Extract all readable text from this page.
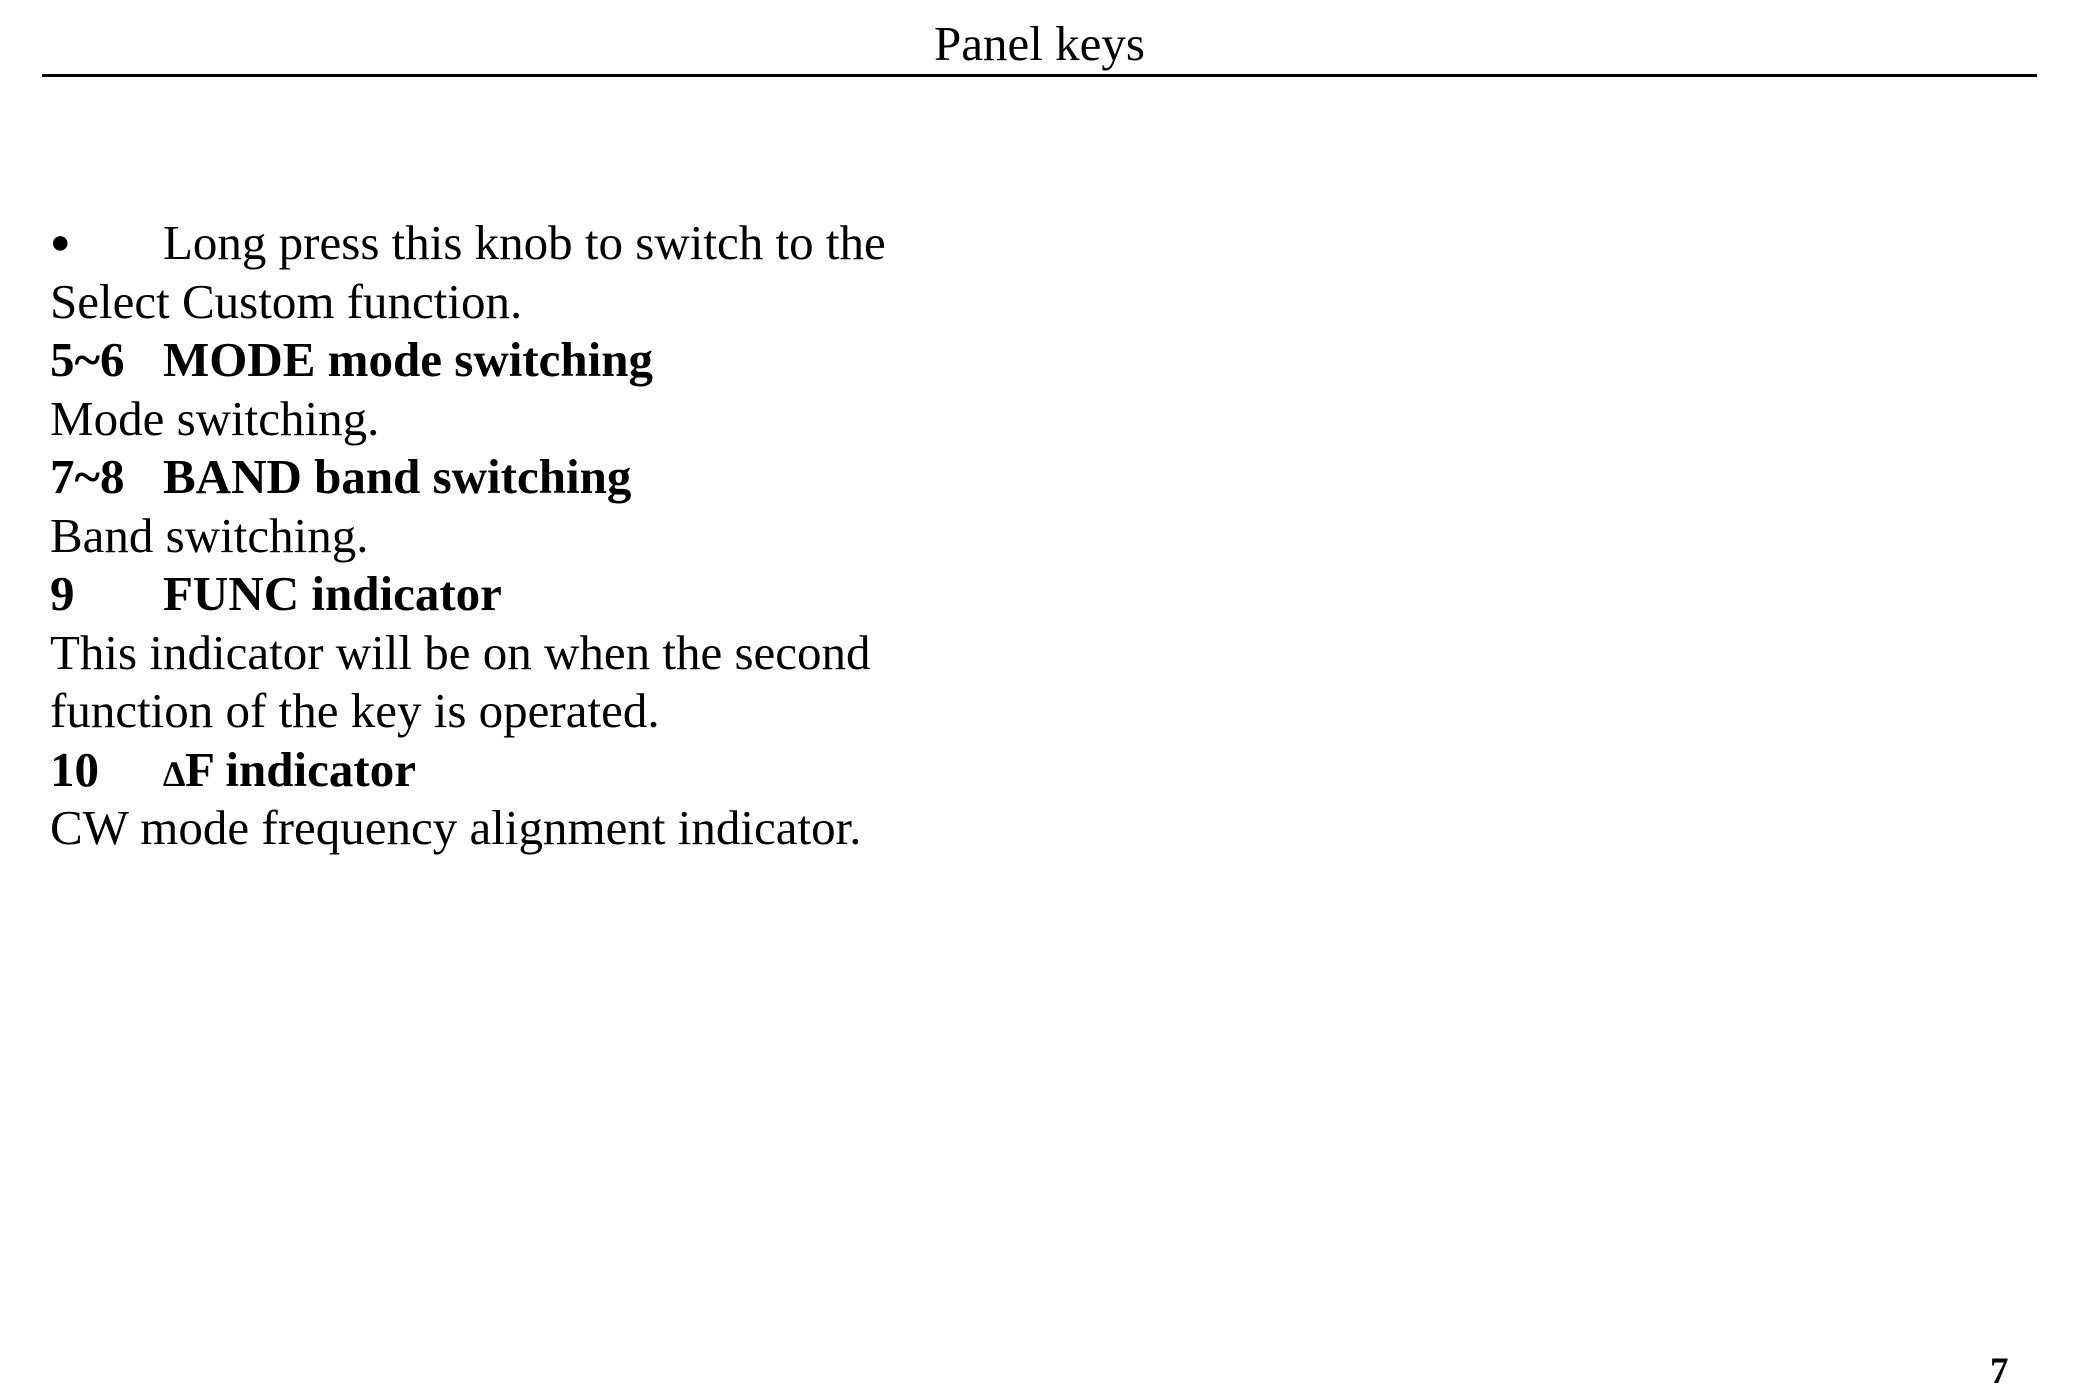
Panel keys
● Long press this knob to switch to the
Select Custom function.
5~6 MODE mode switching
Mode switching.
7~8 BAND band switching
Band switching.
9 FUNC indicator
This indicator will be on when the second
function of the key is operated.
10 ∆F indicator
CW mode frequency alignment indicator.
7
